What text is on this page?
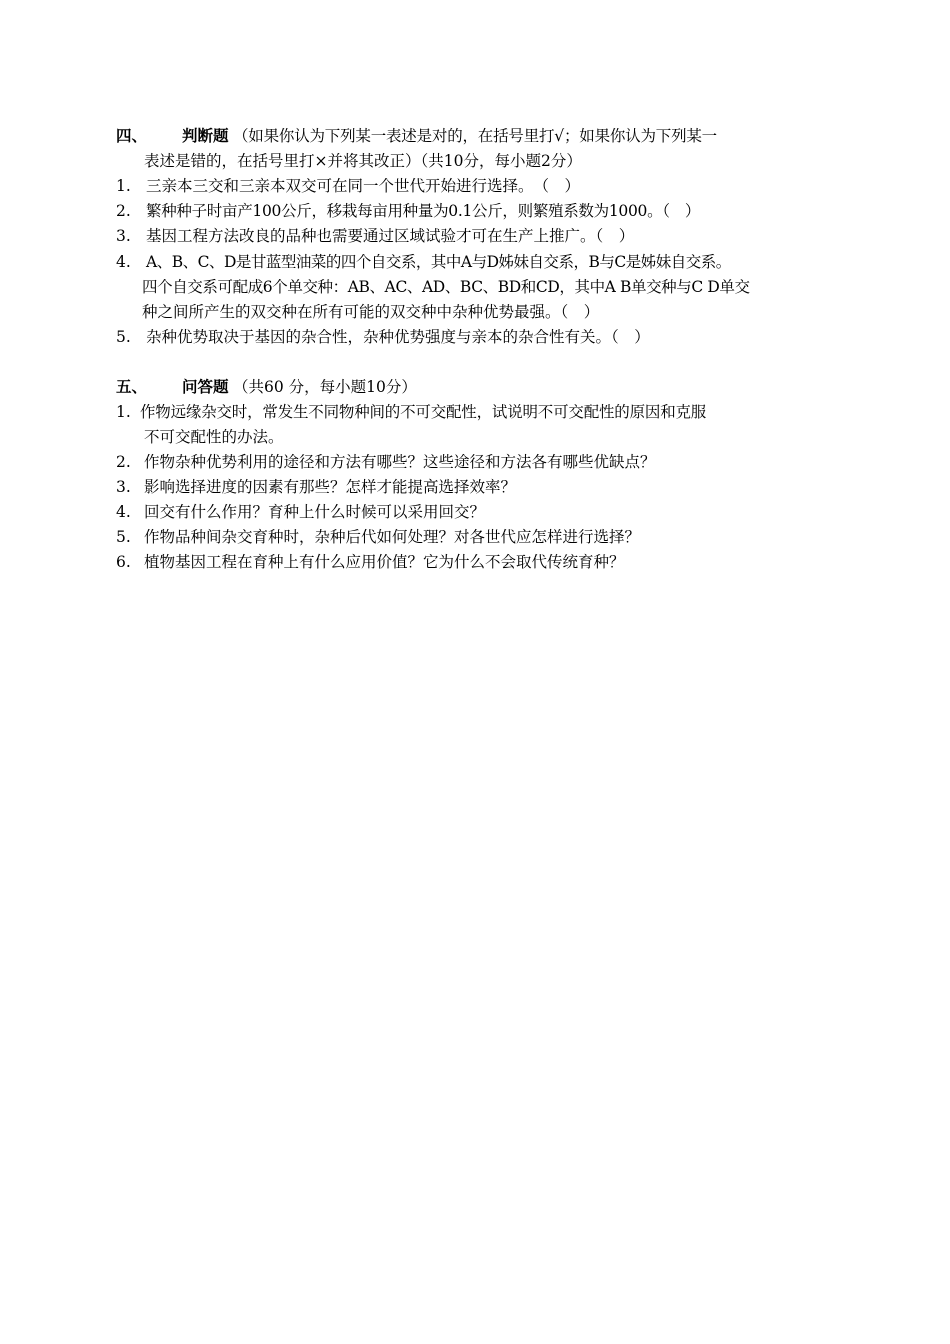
四、 判断题 （如果你认为下列某一表述是对的，在括号里打√；如果你认为下列某一
表述是错的，在括号里打×并将其改正）（共10分，每小题2分）
1. 三亲本三交和三亲本双交可在同一个世代开始进行选择。　（　）
2. 繁种种子时亩产100公斤，移栽每亩用种量为0.1公斤，则繁殖系数为1000。（　）
3. 基因工程方法改良的品种也需要通过区域试验才可在生产上推广。（　）
4. A、B、C、D是甘蓝型油菜的四个自交系，其中A与D姊妹自交系，B与C是姊妹自交系。
四个自交系可配成6个单交种：AB、AC、AD、BC、BD和CD，其中A B单交种与C D单交
种之间所产生的双交种在所有可能的双交种中杂种优势最强。（　）
5. 杂种优势取决于基因的杂合性，杂种优势强度与亲本的杂合性有关。（　）
五、 问答题 （共60 分，每小题10分）
1. 作物远缘杂交时，常发生不同物种间的不可交配性，试说明不可交配性的原因和克服
不可交配性的办法。
2. 作物杂种优势利用的途径和方法有哪些？这些途径和方法各有哪些优缺点？
3. 影响选择进度的因素有那些？怎样才能提高选择效率？
4. 回交有什么作用？育种上什么时候可以采用回交？
5. 作物品种间杂交育种时，杂种后代如何处理？对各世代应怎样进行选择？
6. 植物基因工程在育种上有什么应用价值？它为什么不会取代传统育种？
